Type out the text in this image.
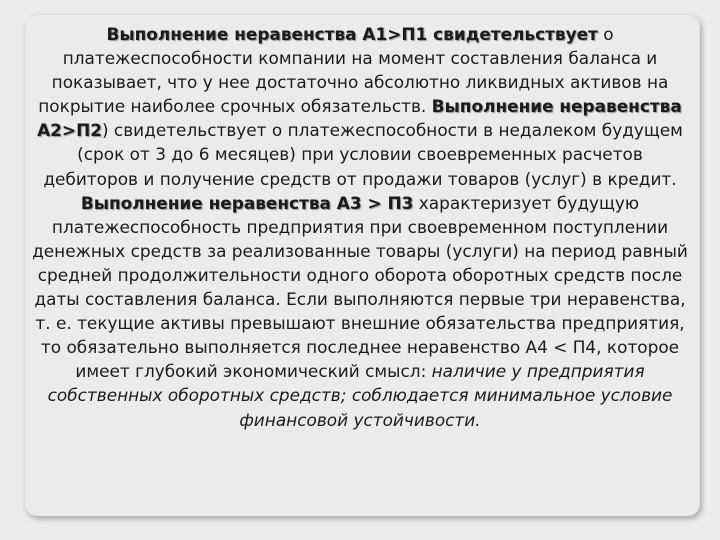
Выполнение неравенства А1>П1 свидетельствует о платежеспособности компании на момент составления баланса и показывает, что у нее достаточно абсолютно ликвидных активов на покрытие наиболее срочных обязательств. Выполнение неравенства А2>П2) свидетельствует о платежеспособности в недалеком будущем (срок от 3 до 6 месяцев) при условии своевременных расчетов дебиторов и получение средств от продажи товаров (услуг) в кредит. Выполнение неравенства А3 > П3 характеризует будущую платежеспособность предприятия при своевременном поступлении денежных средств за реализованные товары (услуги) на период равный средней продолжительности одного оборота оборотных средств после даты составления баланса. Если выполняются первые три неравенства, т. е. текущие активы превышают внешние обязательства предприятия, то обязательно выполняется последнее неравенство А4 < П4, которое имеет глубокий экономический смысл: наличие у предприятия собственных оборотных средств; соблюдается минимальное условие финансовой устойчивости.
